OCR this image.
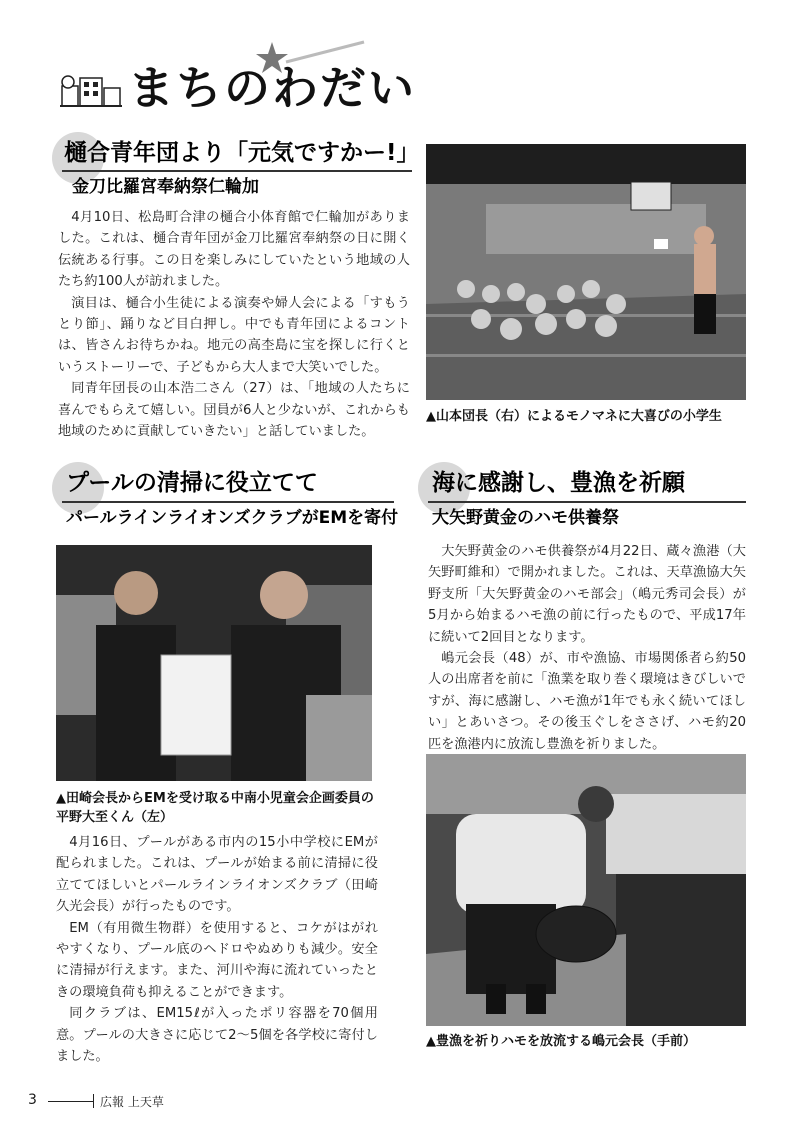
まちのわだい
樋合青年団より「元気ですかー!」
金刀比羅宮奉納祭仁輪加

4月10日、松島町合津の樋合小体育館で仁輪加がありました。これは、樋合青年団が金刀比羅宮奉納祭の日に開く伝統ある行事。この日を楽しみにしていたという地域の人たち約100人が訪れました。

演目は、樋合小生徒による演奏や婦人会による「すもうとり節」、踊りなど目白押し。中でも青年団によるコントは、皆さんお待ちかね。地元の高杢島に宝を探しに行くというストーリーで、子どもから大人まで大笑いでした。

同青年団長の山本浩二さん（27）は、「地域の人たちに喜んでもらえて嬉しい。団員が6人と少ないが、これからも地域のために貢献していきたい」と話していました。

▲山本団長（右）によるモノマネに大喜びの小学生
プールの清掃に役立てて
パールラインライオンズクラブがEMを寄付
▲田崎会長からEMを受け取る中南小児童会企画委員の平野大至くん（左）

4月16日、プールがある市内の15小中学校にEMが配られました。これは、プールが始まる前に清掃に役立ててほしいとパールラインライオンズクラブ（田崎久光会長）が行ったものです。

EM（有用微生物群）を使用すると、コケがはがれやすくなり、プール底のヘドロやぬめりも減少。安全に清掃が行えます。また、河川や海に流れていったときの環境負荷も抑えることができます。

同クラブは、EM15ℓが入ったポリ容器を70個用意。プールの大きさに応じて2～5個を各学校に寄付しました。

海に感謝し、豊漁を祈願
大矢野黄金のハモ供養祭

大矢野黄金のハモ供養祭が4月22日、蔵々漁港（大矢野町維和）で開かれました。これは、天草漁協大矢野支所「大矢野黄金のハモ部会」（嶋元秀司会長）が5月から始まるハモ漁の前に行ったもので、平成17年に続いて2回目となります。

嶋元会長（48）が、市や漁協、市場関係者ら約50人の出席者を前に「漁業を取り巻く環境はきびしいですが、海に感謝し、ハモ漁が1年でも永く続いてほしい」とあいさつ。その後玉ぐしをささげ、ハモ約20匹を漁港内に放流し豊漁を祈りました。

▲豊漁を祈りハモを放流する嶋元会長（手前）
3	広報 上天草
